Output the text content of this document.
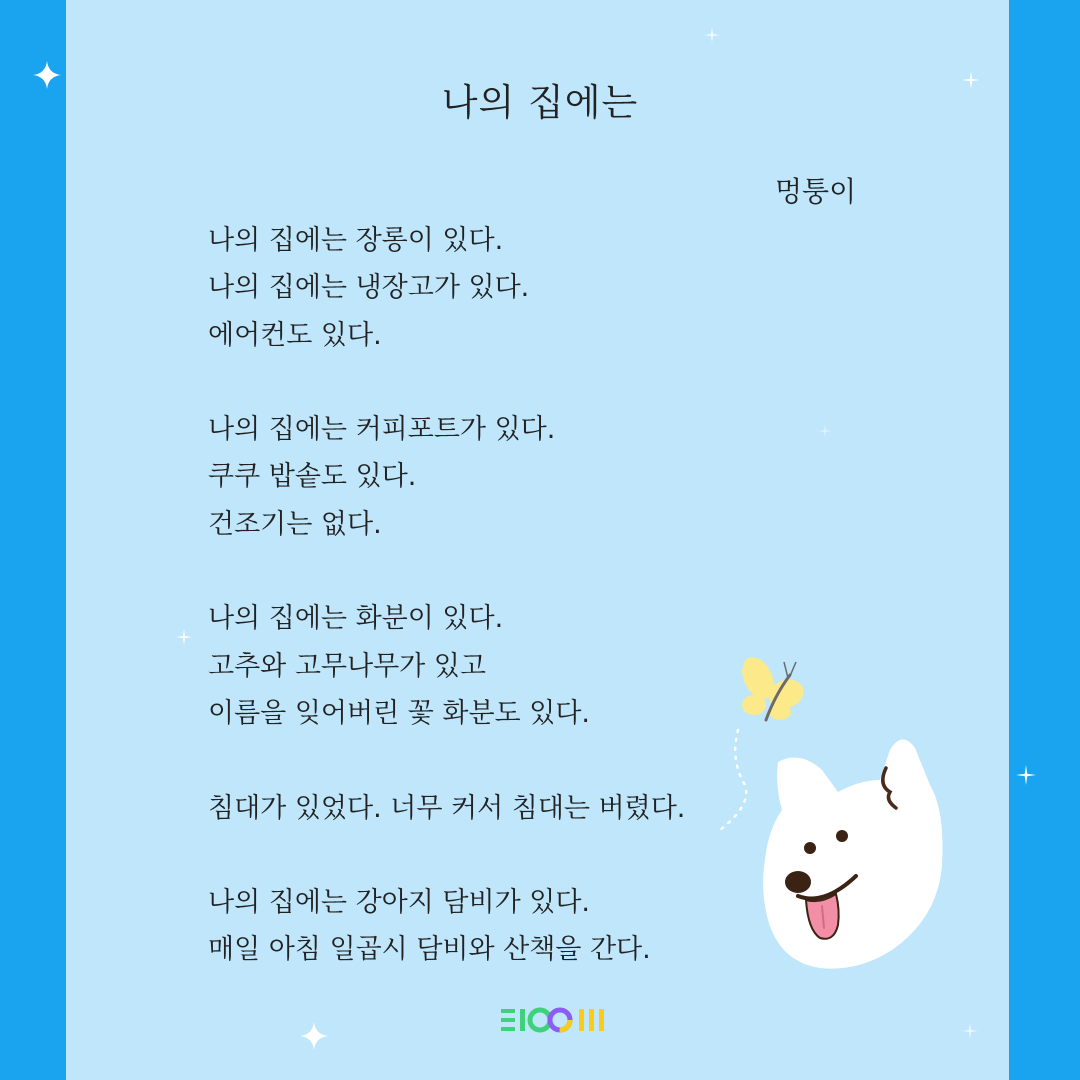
나의 집에는
멍퉁이
나의 집에는 장롱이 있다.
나의 집에는 냉장고가 있다.
에어컨도 있다.
나의 집에는 커피포트가 있다.
쿠쿠 밥솥도 있다.
건조기는 없다.
나의 집에는 화분이 있다.
고추와 고무나무가 있고
이름을 잊어버린 꽃 화분도 있다.
침대가 있었다. 너무 커서 침대는 버렸다.
나의 집에는 강아지 담비가 있다.
매일 아침 일곱시 담비와 산책을 간다.
